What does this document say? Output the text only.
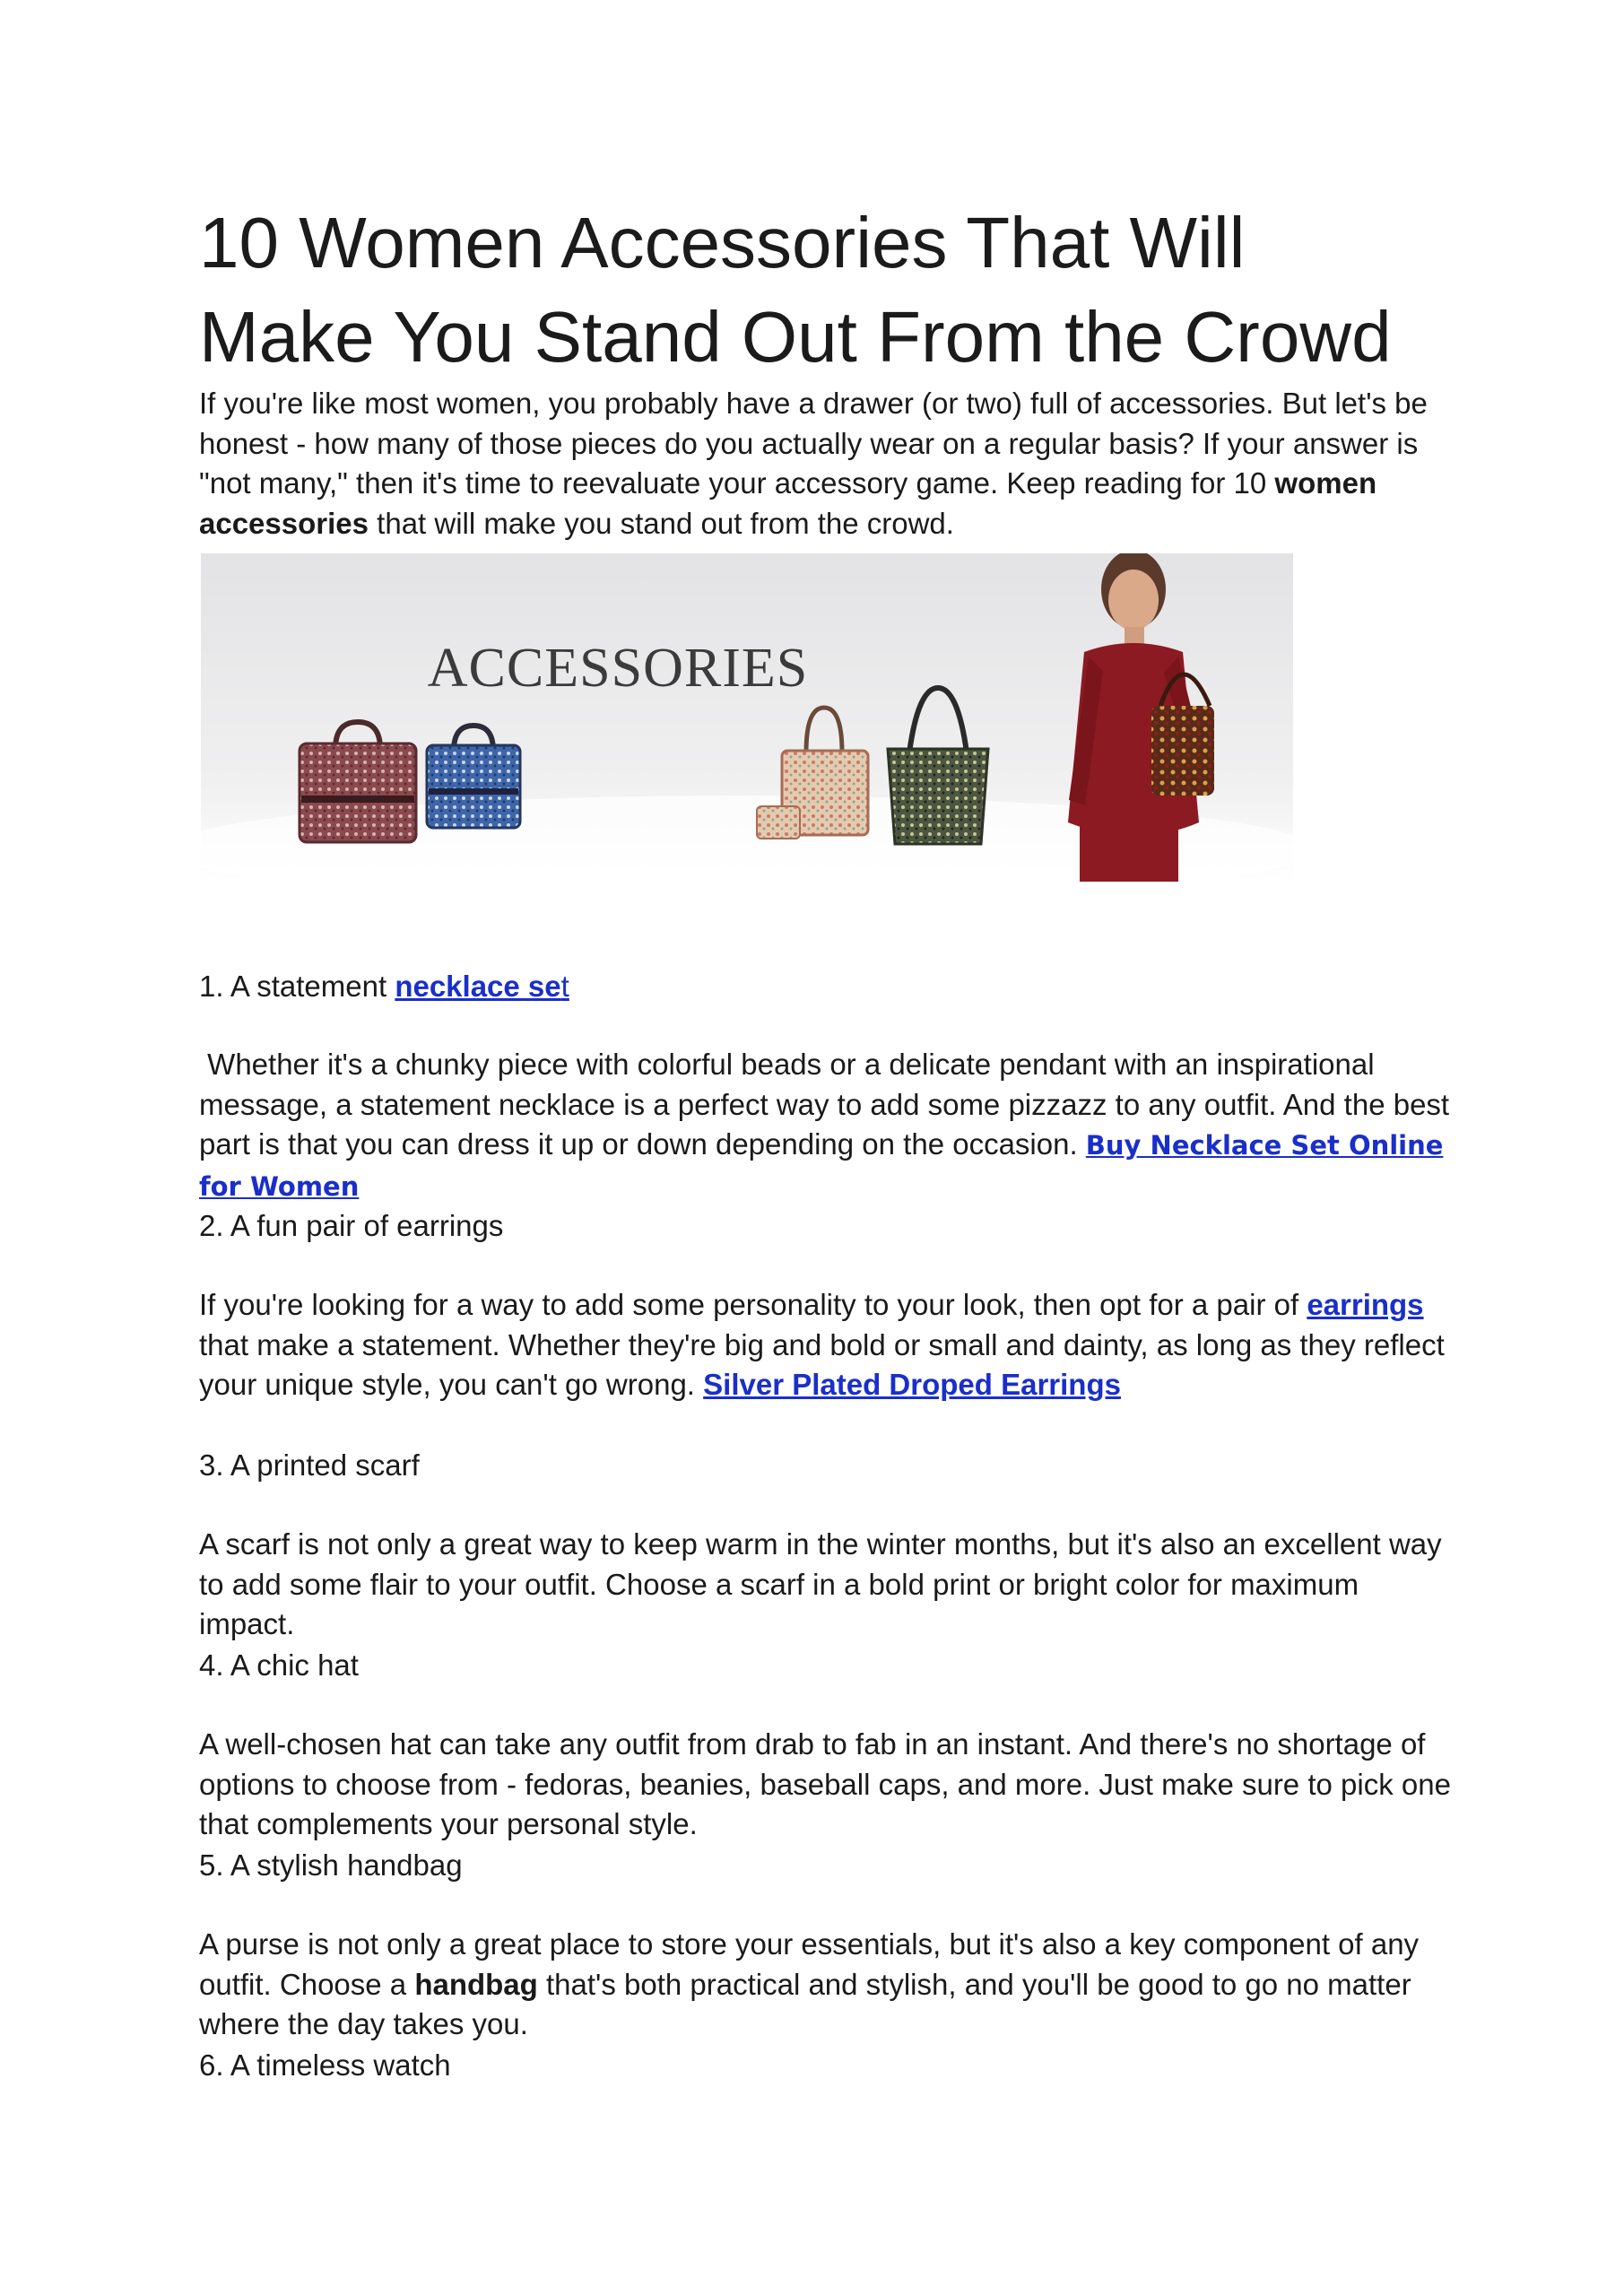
10 Women Accessories That Will
Make You Stand Out From the Crowd

If you're like most women, you probably have a drawer (or two) full of accessories. But let's be honest - how many of those pieces do you actually wear on a regular basis? If your answer is "not many," then it's time to reevaluate your accessory game. Keep reading for 10 women accessories that will make you stand out from the crowd.

ACCESSORIES

1. A statement necklace set

Whether it's a chunky piece with colorful beads or a delicate pendant with an inspirational message, a statement necklace is a perfect way to add some pizzazz to any outfit. And the best part is that you can dress it up or down depending on the occasion. Buy Necklace Set Online for Women

2. A fun pair of earrings

If you're looking for a way to add some personality to your look, then opt for a pair of earrings that make a statement. Whether they're big and bold or small and dainty, as long as they reflect your unique style, you can't go wrong. Silver Plated Droped Earrings

3. A printed scarf

A scarf is not only a great way to keep warm in the winter months, but it's also an excellent way to add some flair to your outfit. Choose a scarf in a bold print or bright color for maximum impact.

4. A chic hat

A well-chosen hat can take any outfit from drab to fab in an instant. And there's no shortage of options to choose from - fedoras, beanies, baseball caps, and more. Just make sure to pick one that complements your personal style.

5. A stylish handbag

A purse is not only a great place to store your essentials, but it's also a key component of any outfit. Choose a handbag that's both practical and stylish, and you'll be good to go no matter where the day takes you.

6. A timeless watch
